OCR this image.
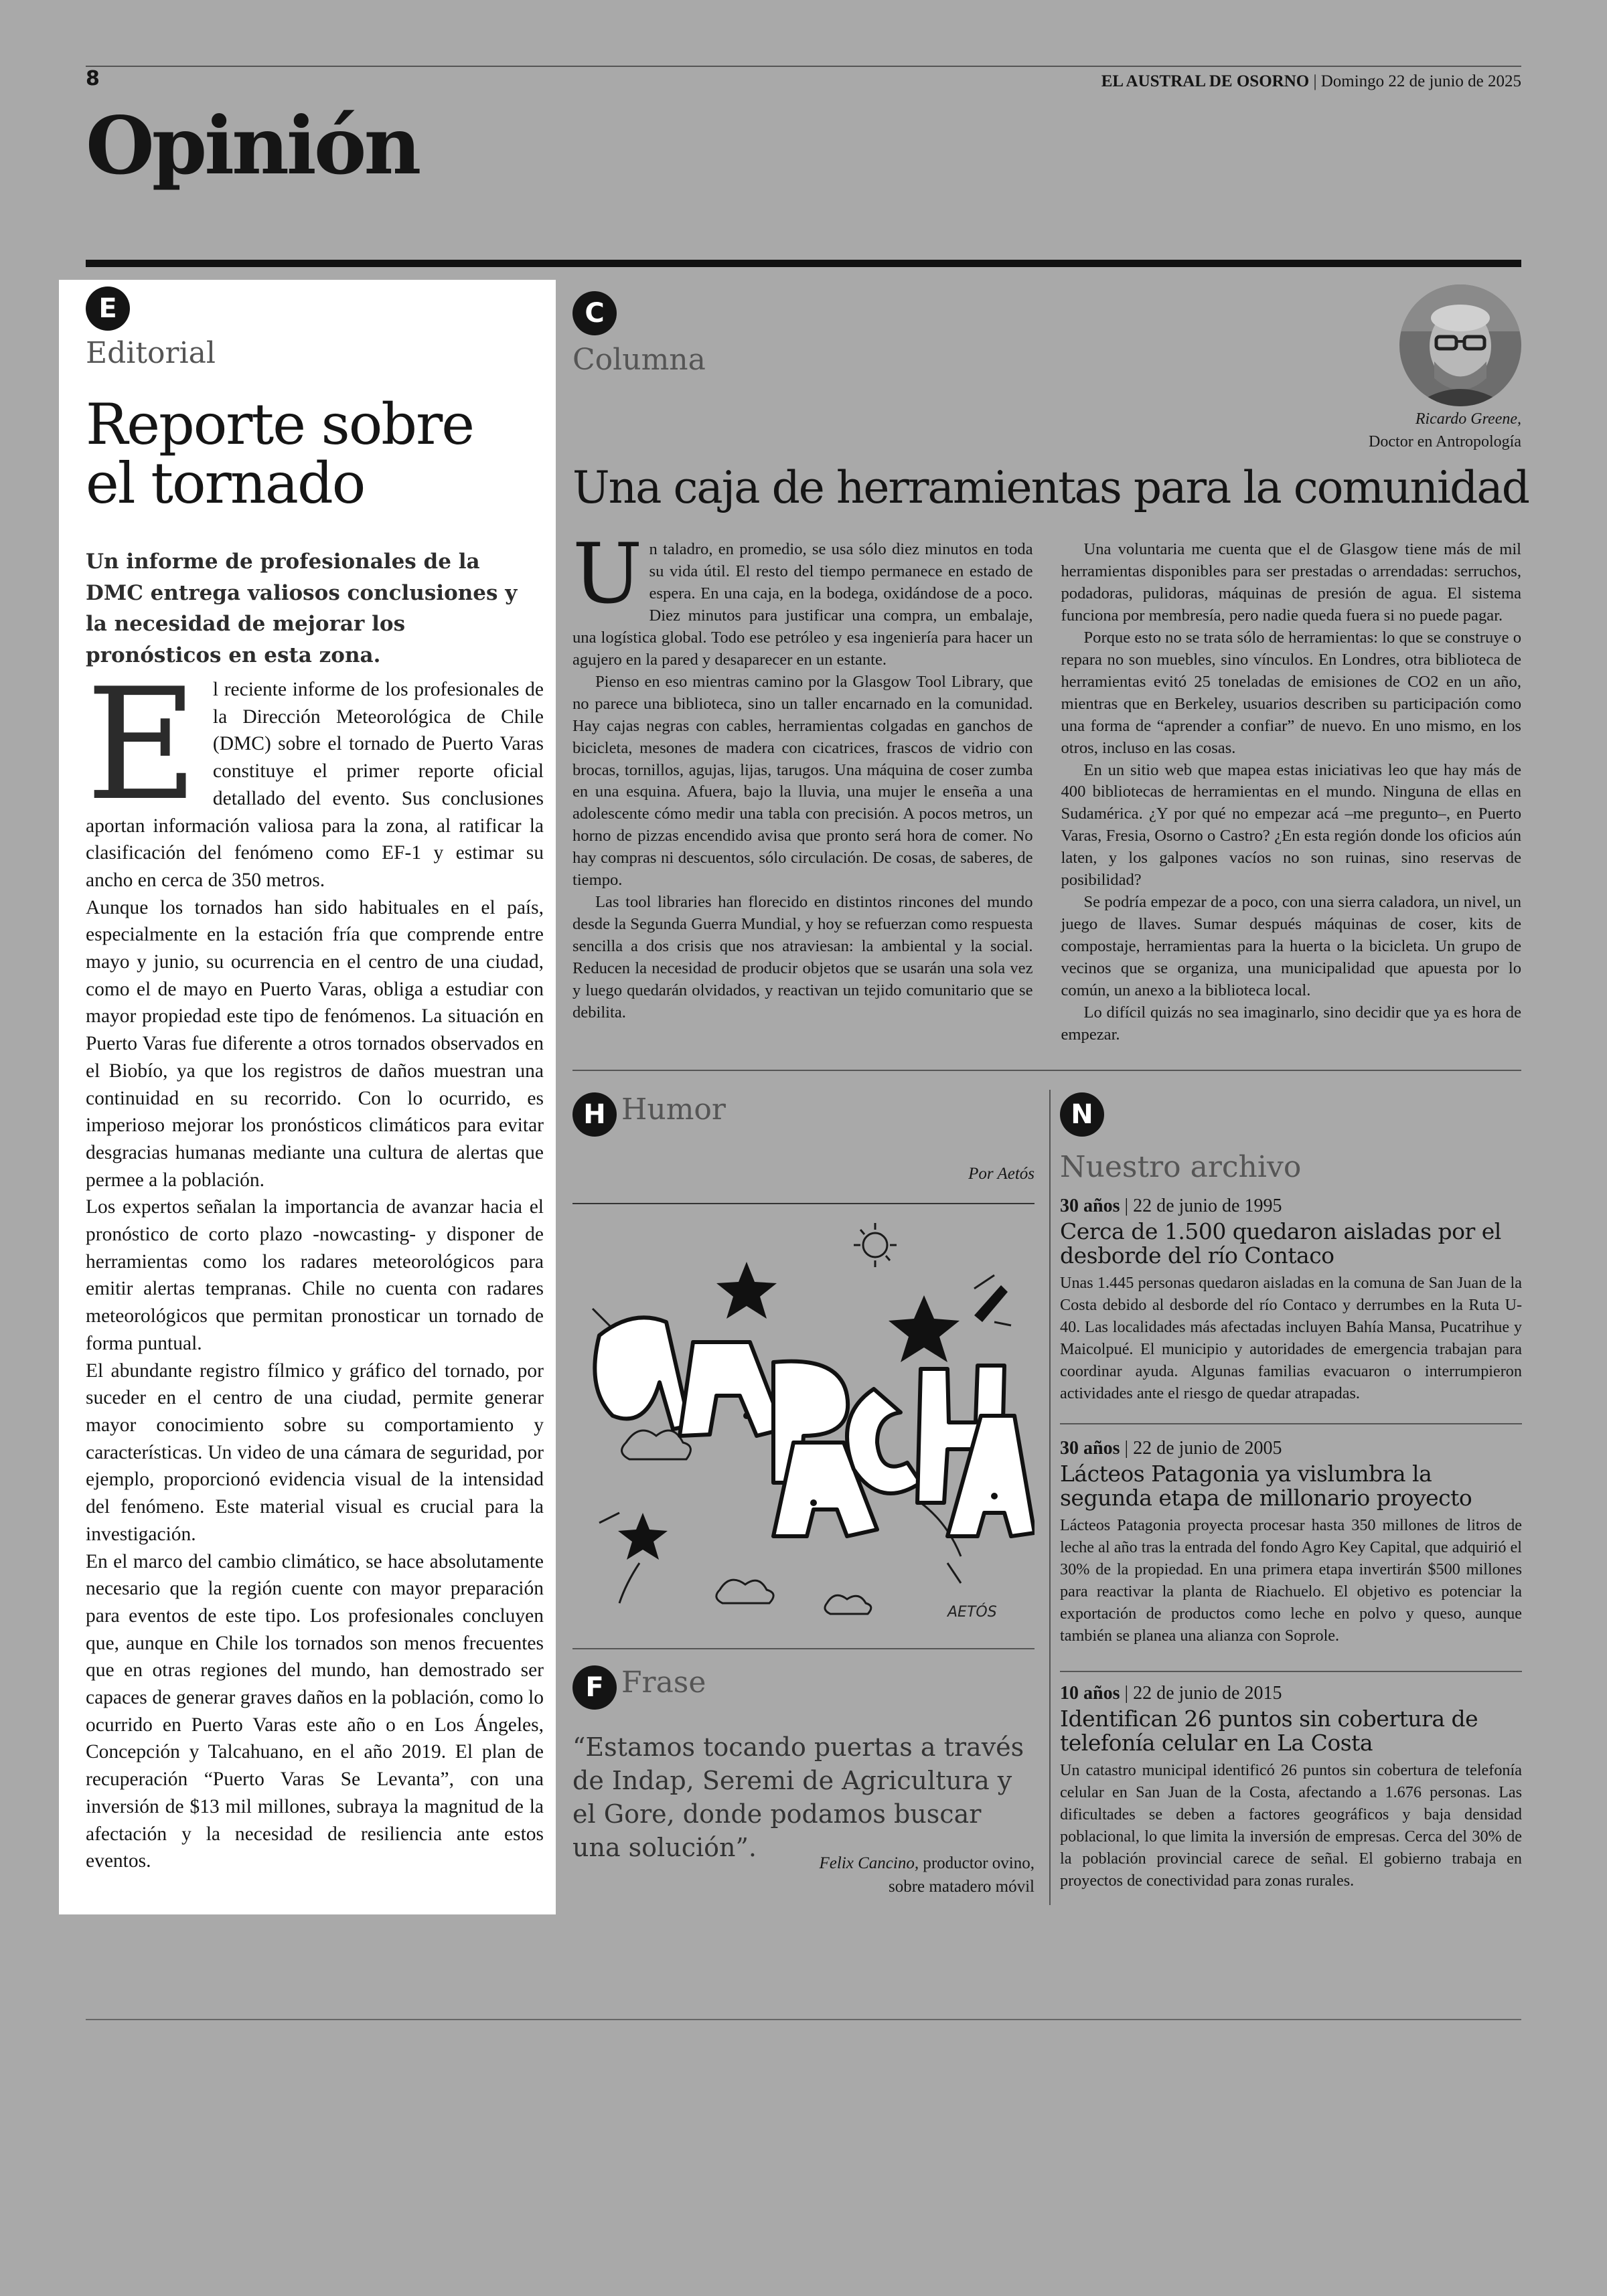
8	EL AUSTRAL DE OSORNO | Domingo 22 de junio de 2025
Opinión
E
Editorial
Reporte sobre
el tornado
Un informe de profesionales de la DMC entrega valiosos conclusiones y la necesidad de mejorar los pronósticos en esta zona.

El reciente informe de los profesionales de la Dirección Meteorológica de Chile (DMC) sobre el tornado de Puerto Varas constituye el primer reporte oficial detallado del evento. Sus conclusiones aportan información valiosa para la zona, al ratificar la clasificación del fenómeno como EF-1 y estimar su ancho en cerca de 350 metros.

Aunque los tornados han sido habituales en el país, especialmente en la estación fría que comprende entre mayo y junio, su ocurrencia en el centro de una ciudad, como el de mayo en Puerto Varas, obliga a estudiar con mayor propiedad este tipo de fenómenos. La situación en Puerto Varas fue diferente a otros tornados observados en el Biobío, ya que los registros de daños muestran una continuidad en su recorrido. Con lo ocurrido, es imperioso mejorar los pronósticos climáticos para evitar desgracias humanas mediante una cultura de alertas que permee a la población.

Los expertos señalan la importancia de avanzar hacia el pronóstico de corto plazo -nowcasting- y disponer de herramientas como los radares meteorológicos para emitir alertas tempranas. Chile no cuenta con radares meteorológicos que permitan pronosticar un tornado de forma puntual.

El abundante registro fílmico y gráfico del tornado, por suceder en el centro de una ciudad, permite generar mayor conocimiento sobre su comportamiento y características. Un video de una cámara de seguridad, por ejemplo, proporcionó evidencia visual de la intensidad del fenómeno. Este material visual es crucial para la investigación.

En el marco del cambio climático, se hace absolutamente necesario que la región cuente con mayor preparación para eventos de este tipo. Los profesionales concluyen que, aunque en Chile los tornados son menos frecuentes que en otras regiones del mundo, han demostrado ser capaces de generar graves daños en la población, como lo ocurrido en Puerto Varas este año o en Los Ángeles, Concepción y Talcahuano, en el año 2019. El plan de recuperación “Puerto Varas Se Levanta”, con una inversión de $13 mil millones, subraya la magnitud de la afectación y la necesidad de resiliencia ante estos eventos.

C
Columna
Ricardo Greene,
Doctor en Antropología
Una caja de herramientas para la comunidad

Un taladro, en promedio, se usa sólo diez minutos en toda su vida útil. El resto del tiempo permanece en estado de espera. En una caja, en la bodega, oxidándose de a poco. Diez minutos para justificar una compra, un embalaje, una logística global. Todo ese petróleo y esa ingeniería para hacer un agujero en la pared y desaparecer en un estante.

Pienso en eso mientras camino por la Glasgow Tool Library, que no parece una biblioteca, sino un taller encarnado en la comunidad. Hay cajas negras con cables, herramientas colgadas en ganchos de bicicleta, mesones de madera con cicatrices, frascos de vidrio con brocas, tornillos, agujas, lijas, tarugos. Una máquina de coser zumba en una esquina. Afuera, bajo la lluvia, una mujer le enseña a una adolescente cómo medir una tabla con precisión. A pocos metros, un horno de pizzas encendido avisa que pronto será hora de comer. No hay compras ni descuentos, sólo circulación. De cosas, de saberes, de tiempo.

Las tool libraries han florecido en distintos rincones del mundo desde la Segunda Guerra Mundial, y hoy se refuerzan como respuesta sencilla a dos crisis que nos atraviesan: la ambiental y la social. Reducen la necesidad de producir objetos que se usarán una sola vez y luego quedarán olvidados, y reactivan un tejido comunitario que se debilita.

Una voluntaria me cuenta que el de Glasgow tiene más de mil herramientas disponibles para ser prestadas o arrendadas: serruchos, podadoras, pulidoras, máquinas de presión de agua. El sistema funciona por membresía, pero nadie queda fuera si no puede pagar.

Porque esto no se trata sólo de herramientas: lo que se construye o repara no son muebles, sino vínculos. En Londres, otra biblioteca de herramientas evitó 25 toneladas de emisiones de CO2 en un año, mientras que en Berkeley, usuarios describen su participación como una forma de “aprender a confiar” de nuevo. En uno mismo, en los otros, incluso en las cosas.

En un sitio web que mapea estas iniciativas leo que hay más de 400 bibliotecas de herramientas en el mundo. Ninguna de ellas en Sudamérica. ¿Y por qué no empezar acá –me pregunto–, en Puerto Varas, Fresia, Osorno o Castro? ¿En esta región donde los oficios aún laten, y los galpones vacíos no son ruinas, sino reservas de posibilidad?

Se podría empezar de a poco, con una sierra caladora, un nivel, un juego de llaves. Sumar después máquinas de coser, kits de compostaje, herramientas para la huerta o la bicicleta. Un grupo de vecinos que se organiza, una municipalidad que apuesta por lo común, un anexo a la biblioteca local.

Lo difícil quizás no sea imaginarlo, sino decidir que ya es hora de empezar.

H Humor
Por Aetós
AETÓS
¡APAPACHÁ!
F Frase
“Estamos tocando puertas a través de Indap, Seremi de Agricultura y el Gore, donde podamos buscar una solución”.
Felix Cancino, productor ovino,
sobre matadero móvil
N
Nuestro archivo
30 años | 22 de junio de 1995
Cerca de 1.500 quedaron aisladas por el desborde del río Contaco
Unas 1.445 personas quedaron aisladas en la comuna de San Juan de la Costa debido al desborde del río Contaco y derrumbes en la Ruta U-40. Las localidades más afectadas incluyen Bahía Mansa, Pucatrihue y Maicolpué. El municipio y autoridades de emergencia trabajan para coordinar ayuda. Algunas familias evacuaron o interrumpieron actividades ante el riesgo de quedar atrapadas.
30 años | 22 de junio de 2005
Lácteos Patagonia ya vislumbra la segunda etapa de millonario proyecto
Lácteos Patagonia proyecta procesar hasta 350 millones de litros de leche al año tras la entrada del fondo Agro Key Capital, que adquirió el 30% de la propiedad. En una primera etapa invertirán $500 millones para reactivar la planta de Riachuelo. El objetivo es potenciar la exportación de productos como leche en polvo y queso, aunque también se planea una alianza con Soprole.
10 años | 22 de junio de 2015
Identifican 26 puntos sin cobertura de telefonía celular en La Costa
Un catastro municipal identificó 26 puntos sin cobertura de telefonía celular en San Juan de la Costa, afectando a 1.676 personas. Las dificultades se deben a factores geográficos y baja densidad poblacional, lo que limita la inversión de empresas. Cerca del 30% de la población provincial carece de señal. El gobierno trabaja en proyectos de conectividad para zonas rurales.
